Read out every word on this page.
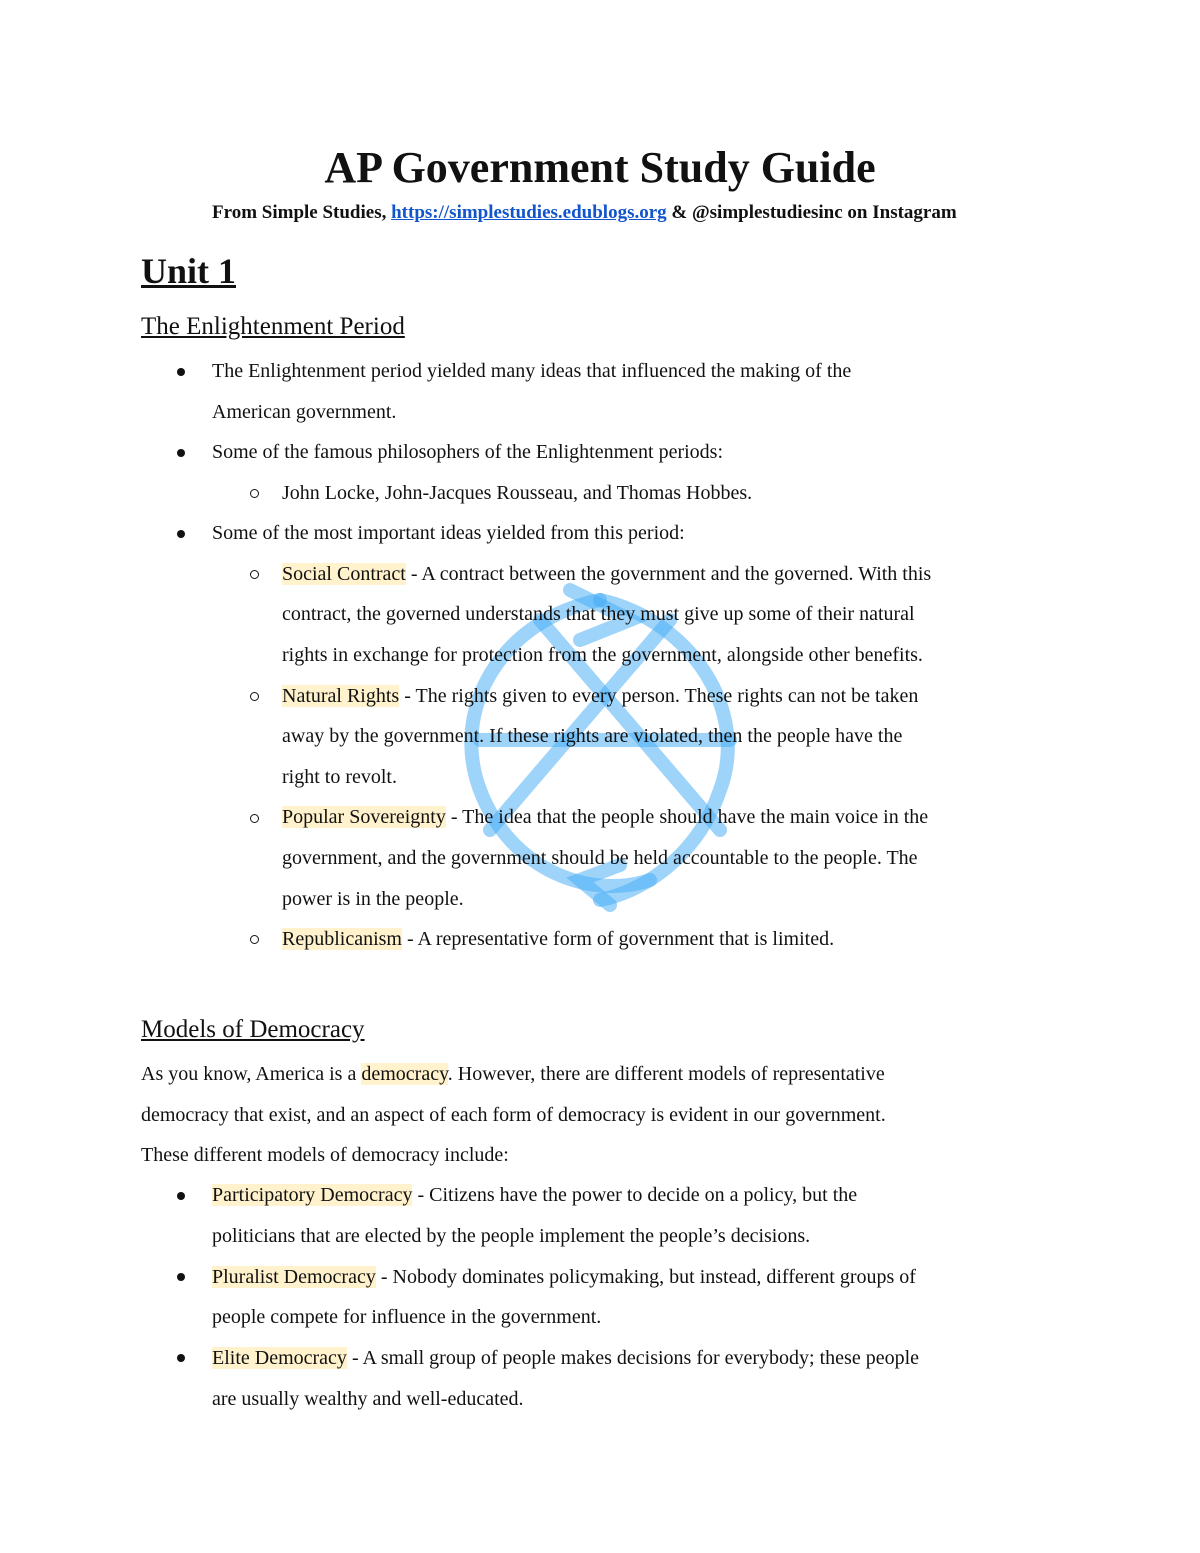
AP Government Study Guide
From Simple Studies, https://simplestudies.edublogs.org & @simplestudiesinc on Instagram
Unit 1
The Enlightenment Period
The Enlightenment period yielded many ideas that influenced the making of the
American government.
Some of the famous philosophers of the Enlightenment periods:
John Locke, John-Jacques Rousseau, and Thomas Hobbes.
Some of the most important ideas yielded from this period:
Social Contract - A contract between the government and the governed. With this
contract, the governed understands that they must give up some of their natural
rights in exchange for protection from the government, alongside other benefits.
Natural Rights - The rights given to every person. These rights can not be taken
away by the government. If these rights are violated, then the people have the
right to revolt.
Popular Sovereignty - The idea that the people should have the main voice in the
government, and the government should be held accountable to the people. The
power is in the people.
Republicanism - A representative form of government that is limited.
Models of Democracy
As you know, America is a democracy. However, there are different models of representative
democracy that exist, and an aspect of each form of democracy is evident in our government.
These different models of democracy include:
Participatory Democracy - Citizens have the power to decide on a policy, but the
politicians that are elected by the people implement the people’s decisions.
Pluralist Democracy - Nobody dominates policymaking, but instead, different groups of
people compete for influence in the government.
Elite Democracy - A small group of people makes decisions for everybody; these people
are usually wealthy and well-educated.
